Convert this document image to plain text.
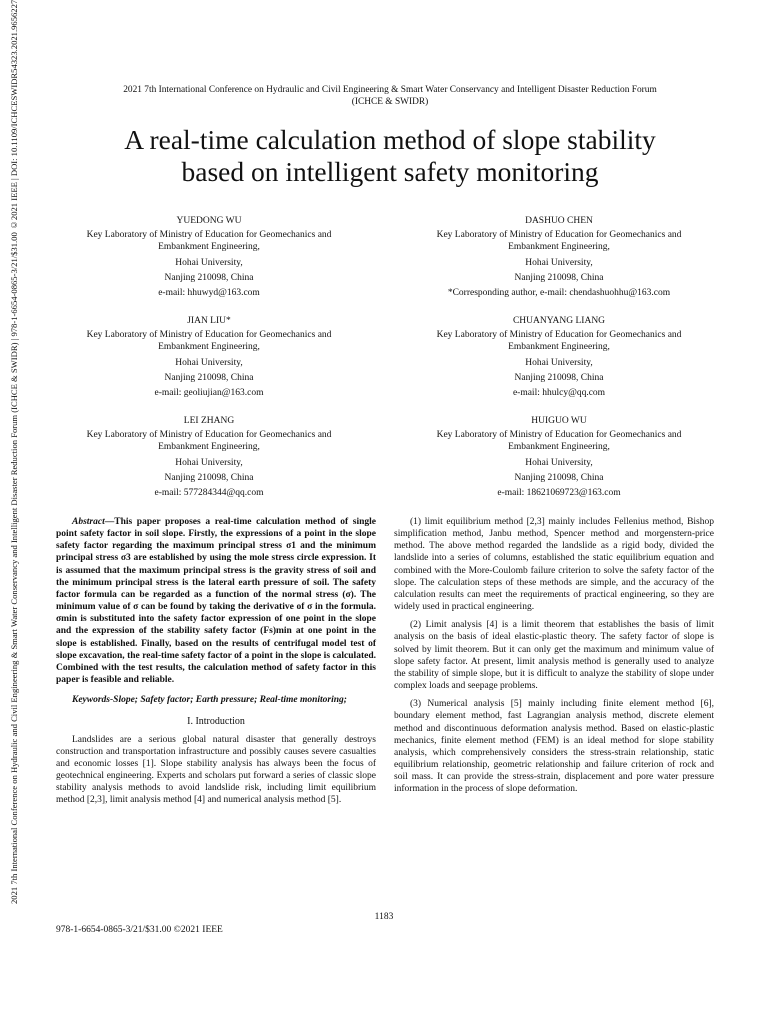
2021 7th International Conference on Hydraulic and Civil Engineering & Smart Water Conservancy and Intelligent Disaster Reduction Forum (ICHCE & SWIDR) | 978-1-6654-0865-3/21/$31.00 ©2021 IEEE | DOI: 10.1109/ICHCESWIDR54323.2021.9656227	2021 7th International Conference on Hydraulic and Civil Engineering & Smart Water Conservancy and Intelligent Disaster Reduction Forum
(ICHCE & SWIDR)
A real-time calculation method of slope stability
based on intelligent safety monitoring
YUEDONG WU
Key Laboratory of Ministry of Education for Geomechanics and
Embankment Engineering,
Hohai University,
Nanjing 210098, China
e-mail: hhuwyd@163.com
DASHUO CHEN
Key Laboratory of Ministry of Education for Geomechanics and
Embankment Engineering,
Hohai University,
Nanjing 210098, China
*Corresponding author, e-mail: chendashuohhu@163.com
JIAN LIU*
Key Laboratory of Ministry of Education for Geomechanics and
Embankment Engineering,
Hohai University,
Nanjing 210098, China
e-mail: geoliujian@163.com
CHUANYANG LIANG
Key Laboratory of Ministry of Education for Geomechanics and
Embankment Engineering,
Hohai University,
Nanjing 210098, China
e-mail: hhulcy@qq.com
LEI ZHANG
Key Laboratory of Ministry of Education for Geomechanics and
Embankment Engineering,
Hohai University,
Nanjing 210098, China
e-mail: 577284344@qq.com
HUIGUO WU
Key Laboratory of Ministry of Education for Geomechanics and
Embankment Engineering,
Hohai University,
Nanjing 210098, China
e-mail: 18621069723@163.com

Abstract—This paper proposes a real-time calculation method of single point safety factor in soil slope. Firstly, the expressions of a point in the slope safety factor regarding the maximum principal stress σ1 and the minimum principal stress σ3 are established by using the mole stress circle expression. It is assumed that the maximum principal stress is the gravity stress of soil and the minimum principal stress is the lateral earth pressure of soil. The safety factor formula can be regarded as a function of the normal stress (σ). The minimum value of σ can be found by taking the derivative of σ in the formula. σmin is substituted into the safety factor expression of one point in the slope and the expression of the stability safety factor (Fs)min at one point in the slope is established. Finally, based on the results of centrifugal model test of slope excavation, the real-time safety factor of a point in the slope is calculated. Combined with the test results, the calculation method of safety factor in this paper is feasible and reliable.

Keywords-Slope; Safety factor; Earth pressure; Real-time monitoring;

I. Introduction

Landslides are a serious global natural disaster that generally destroys construction and transportation infrastructure and possibly causes severe casualties and economic losses [1]. Slope stability analysis has always been the focus of geotechnical engineering. Experts and scholars put forward a series of classic slope stability analysis methods to avoid landslide risk, including limit equilibrium method [2,3], limit analysis method [4] and numerical analysis method [5].

(1) limit equilibrium method [2,3] mainly includes Fellenius method, Bishop simplification method, Janbu method, Spencer method and morgenstern-price method. The above method regarded the landslide as a rigid body, divided the landslide into a series of columns, established the static equilibrium equation and combined with the More-Coulomb failure criterion to solve the safety factor of the slope. The calculation steps of these methods are simple, and the accuracy of the calculation results can meet the requirements of practical engineering, so they are widely used in practical engineering.

(2) Limit analysis [4] is a limit theorem that establishes the basis of limit analysis on the basis of ideal elastic-plastic theory. The safety factor of slope is solved by limit theorem. But it can only get the maximum and minimum value of slope safety factor. At present, limit analysis method is generally used to analyze the stability of simple slope, but it is difficult to analyze the stability of slope under complex loads and seepage problems.

(3) Numerical analysis [5] mainly including finite element method [6], boundary element method, fast Lagrangian analysis method, discrete element method and discontinuous deformation analysis method. Based on elastic-plastic mechanics, finite element method (FEM) is an ideal method for slope stability analysis, which comprehensively considers the stress-strain relationship, static equilibrium relationship, geometric relationship and failure criterion of rock and soil mass. It can provide the stress-strain, displacement and pore water pressure information in the process of slope deformation.

1183
978-1-6654-0865-3/21/$31.00 ©2021 IEEE
